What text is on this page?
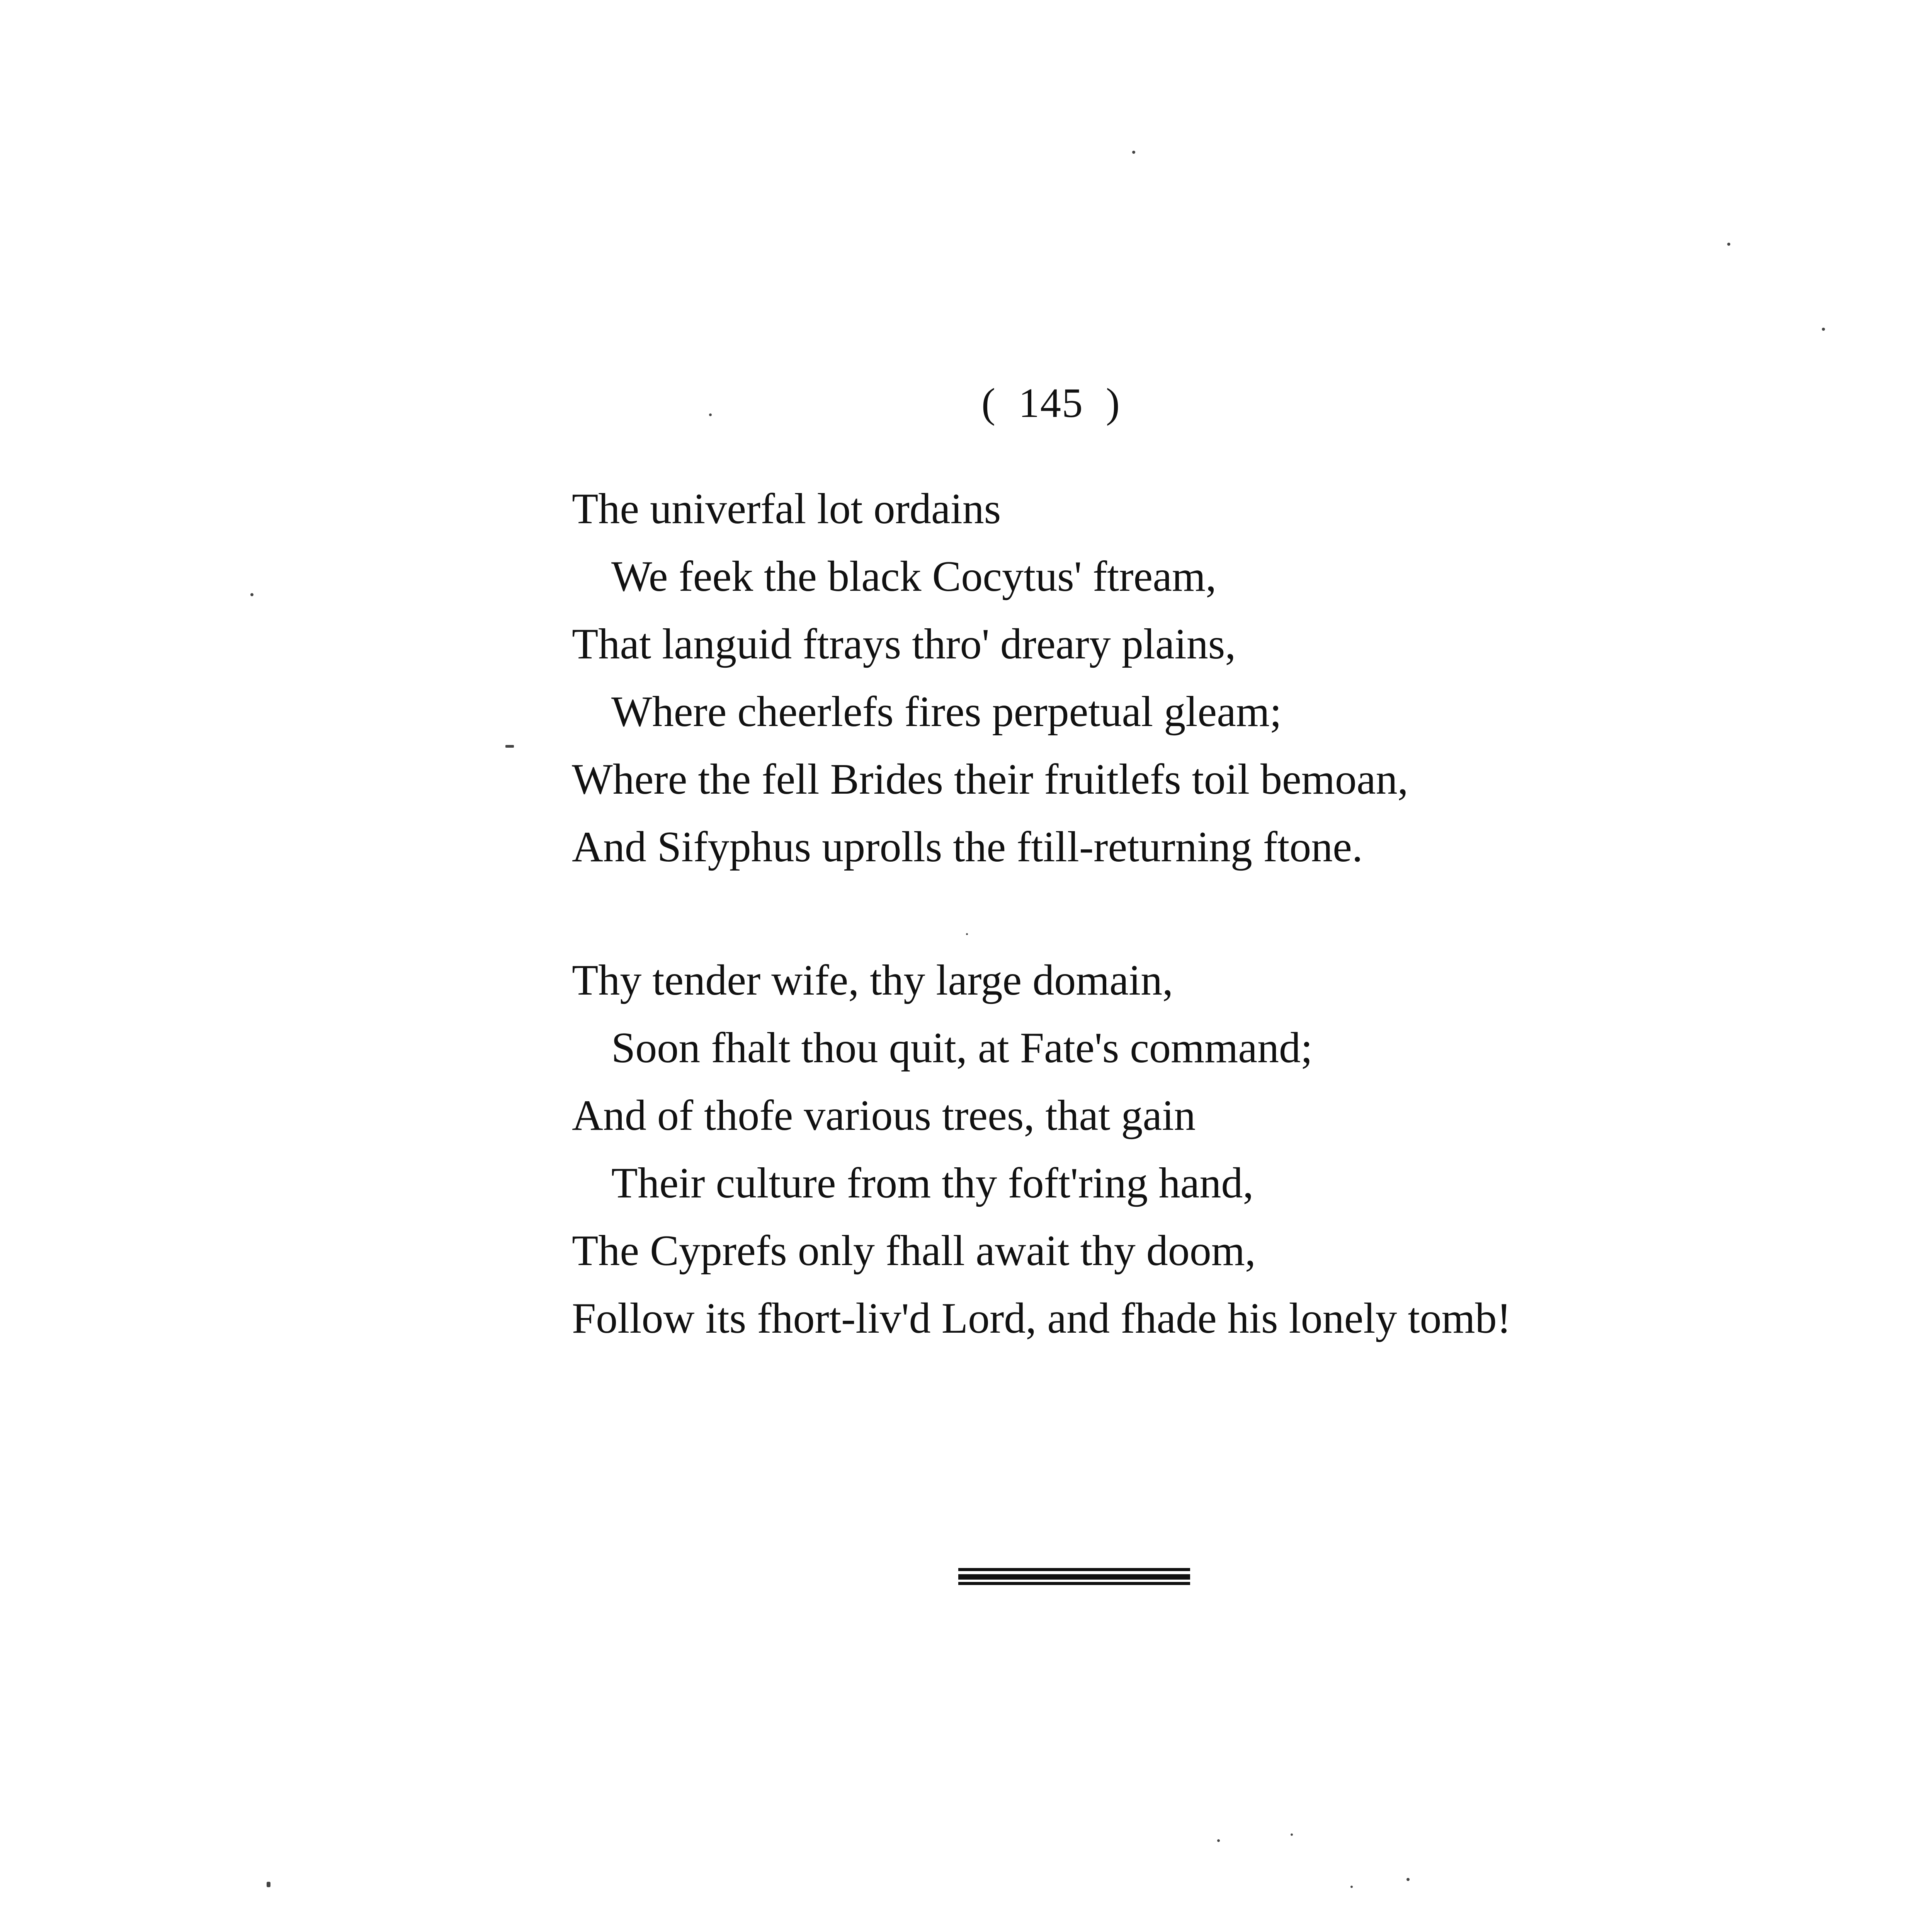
(  145  )
The univerfal lot ordains
We feek the black Cocytus' ftream,
That languid ftrays thro' dreary plains,
Where cheerlefs fires perpetual gleam;
Where the fell Brides their fruitlefs toil bemoan,
And Sifyphus uprolls the ftill-returning ftone.
Thy tender wife, thy large domain,
Soon fhalt thou quit, at Fate's command;
And of thofe various trees, that gain
Their culture from thy foft'ring hand,
The Cyprefs only fhall await thy doom,
Follow its fhort-liv'd Lord, and fhade his lonely tomb!
